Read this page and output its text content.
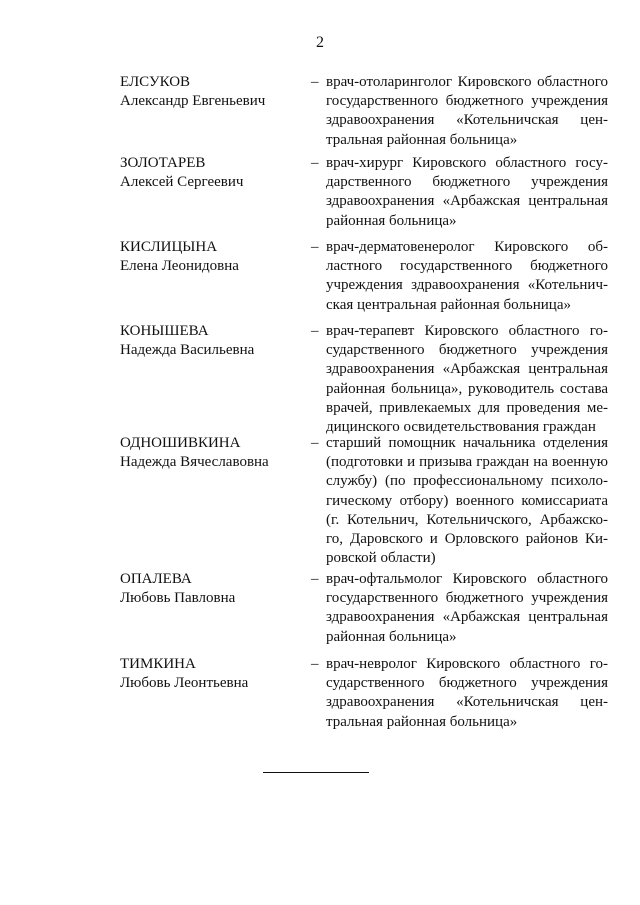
2
ЕЛСУКОВ
Александр Евгеньевич
– врач-отоларинголог Кировского областного
государственного бюджетного учреждения
здравоохранения «Котельничская цен-
тральная районная больница»
ЗОЛОТАРЕВ
Алексей Сергеевич
– врач-хирург Кировского областного госу-
дарственного бюджетного учреждения
здравоохранения «Арбажская центральная
районная больница»
КИСЛИЦЫНА
Елена Леонидовна
– врач-дерматовенеролог Кировского об-
ластного государственного бюджетного
учреждения здравоохранения «Котельнич-
ская центральная районная больница»
КОНЫШЕВА
Надежда Васильевна
– врач-терапевт Кировского областного го-
сударственного бюджетного учреждения
здравоохранения «Арбажская центральная
районная больница», руководитель состава
врачей, привлекаемых для проведения ме-
дицинского освидетельствования граждан
ОДНОШИВКИНА
Надежда Вячеславовна
– старший помощник начальника отделения
(подготовки и призыва граждан на военную
службу) (по профессиональному психоло-
гическому отбору) военного комиссариата
(г. Котельнич, Котельничского, Арбажско-
го, Даровского и Орловского районов Ки-
ровской области)
ОПАЛЕВА
Любовь Павловна
– врач-офтальмолог Кировского областного
государственного бюджетного учреждения
здравоохранения «Арбажская центральная
районная больница»
ТИМКИНА
Любовь Леонтьевна
– врач-невролог Кировского областного го-
сударственного бюджетного учреждения
здравоохранения «Котельничская цен-
тральная районная больница»
